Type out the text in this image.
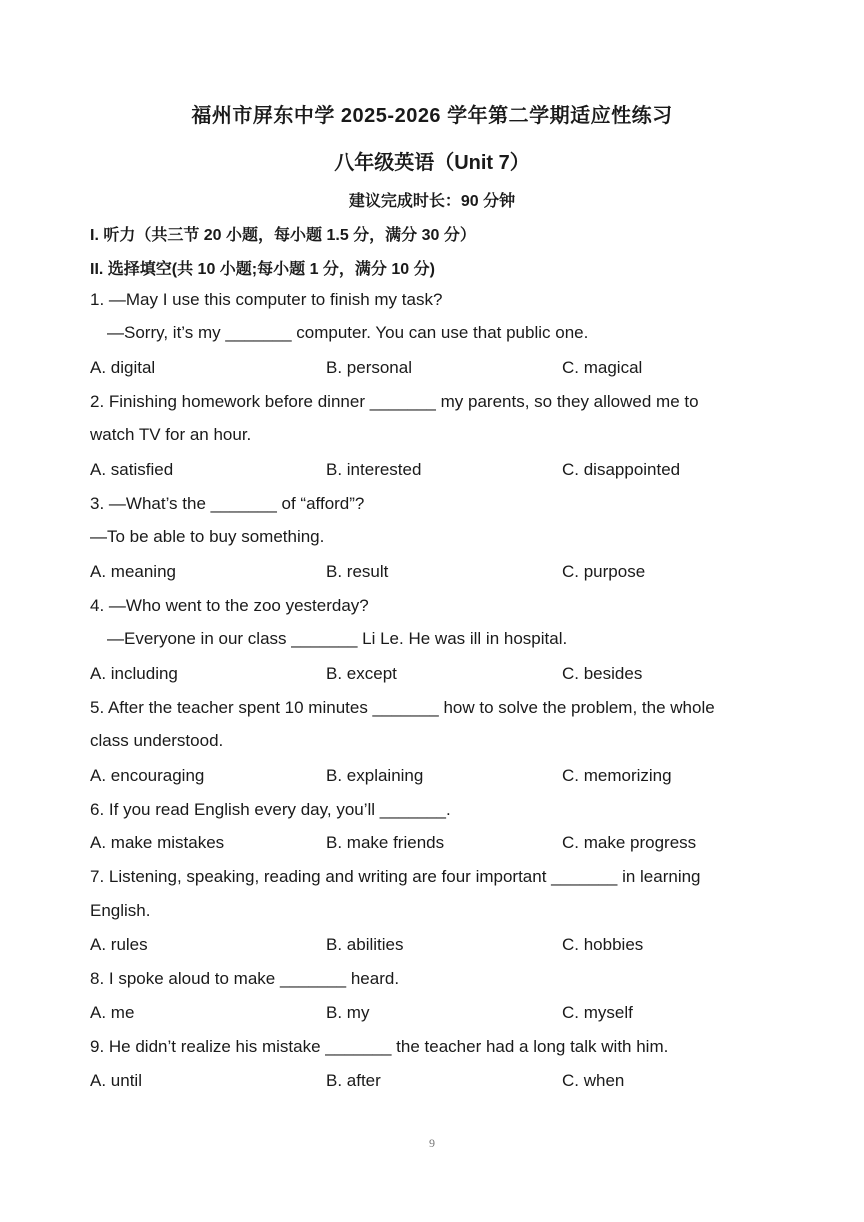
福州市屏东中学 2025-2026 学年第二学期适应性练习
八年级英语（Unit 7）
建议完成时长：90 分钟
I. 听力（共三节 20 小题，每小题 1.5 分，满分 30 分）
II. 选择填空(共 10 小题;每小题 1 分，满分 10 分)
1. —May I use this computer to finish my task?
—Sorry, it’s my _______ computer. You can use that public one.
A. digital	B. personal	C. magical
2. Finishing homework before dinner _______ my parents, so they allowed me to
watch TV for an hour.
A. satisfied	B. interested	C. disappointed
3. —What’s the _______ of “afford”?
—To be able to buy something.
A. meaning	B. result	C. purpose
4. —Who went to the zoo yesterday?
—Everyone in our class _______ Li Le. He was ill in hospital.
A. including	B. except	C. besides
5. After the teacher spent 10 minutes _______ how to solve the problem, the whole
class understood.
A. encouraging	B. explaining	C. memorizing
6. If you read English every day, you’ll _______.
A. make mistakes	B. make friends	C. make progress
7. Listening, speaking, reading and writing are four important _______ in learning
English.
A. rules	B. abilities	C. hobbies
8. I spoke aloud to make _______ heard.
A. me	B. my	C. myself
9. He didn’t realize his mistake _______ the teacher had a long talk with him.
A. until	B. after	C. when
9
